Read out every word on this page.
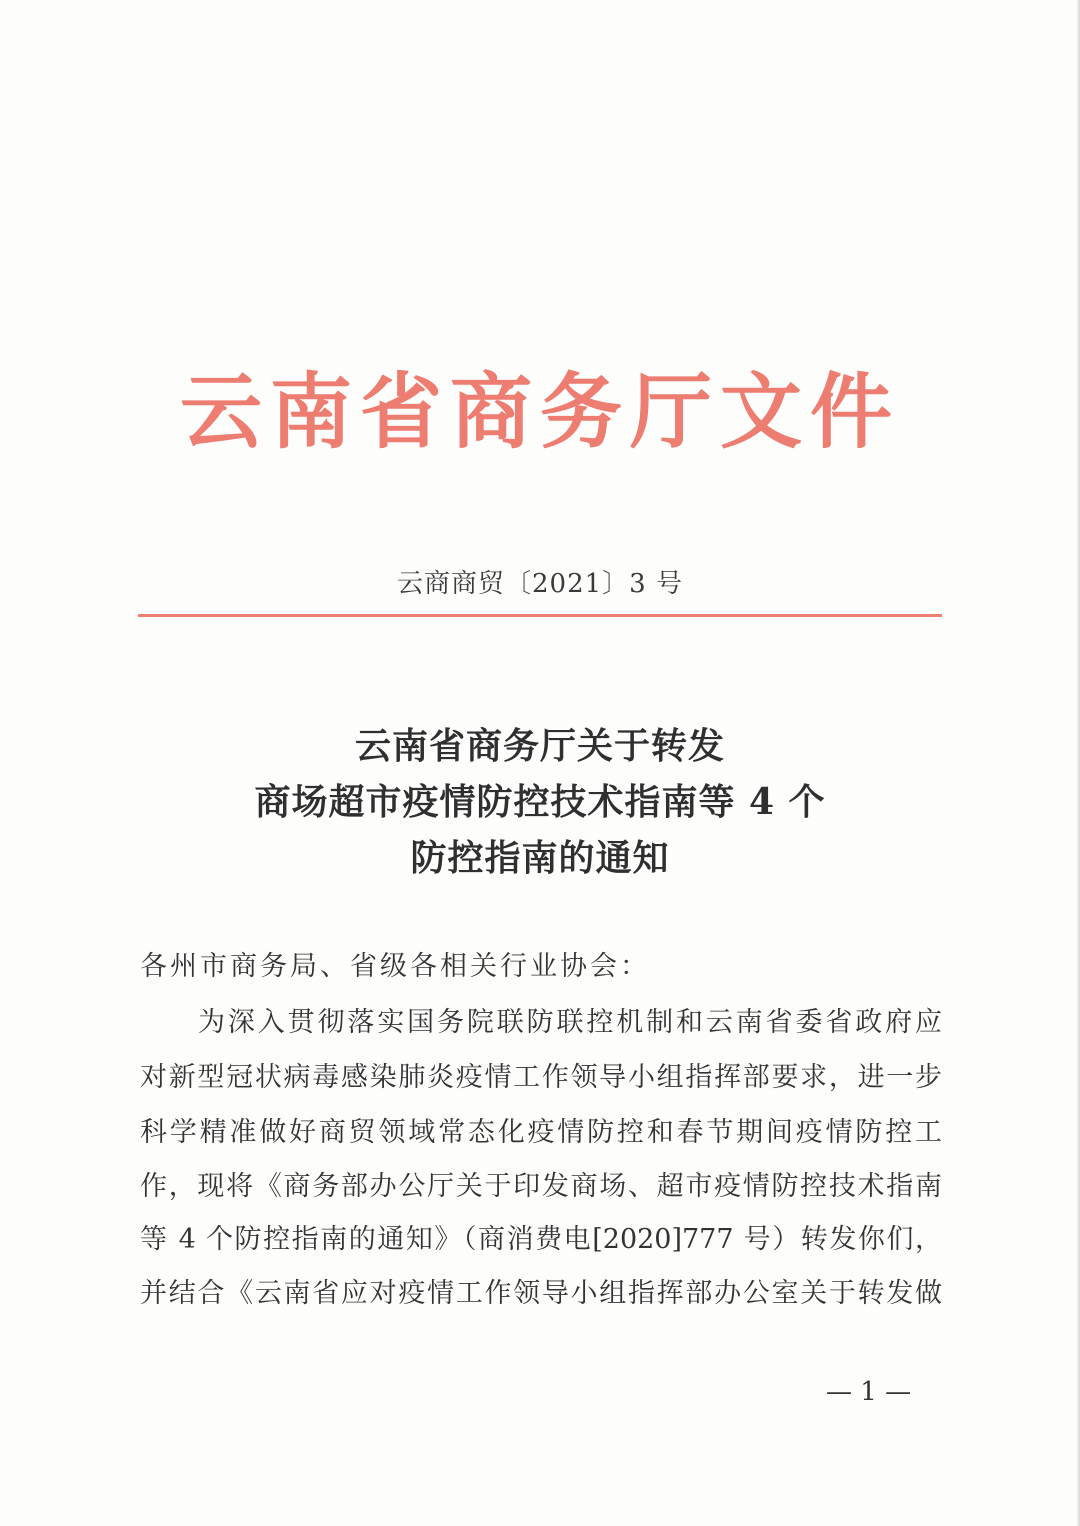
云南省商务厅文件
云商商贸〔2021〕3 号
云南省商务厅关于转发
商场超市疫情防控技术指南等 4 个
防控指南的通知
各州市商务局、省级各相关行业协会：
为深入贯彻落实国务院联防联控机制和云南省委省政府应
对新型冠状病毒感染肺炎疫情工作领导小组指挥部要求，进一步
科学精准做好商贸领域常态化疫情防控和春节期间疫情防控工
作，现将《商务部办公厅关于印发商场、超市疫情防控技术指南
等 4 个防控指南的通知》（商消费电[2020]777 号）转发你们，
并结合《云南省应对疫情工作领导小组指挥部办公室关于转发做
— 1 —
